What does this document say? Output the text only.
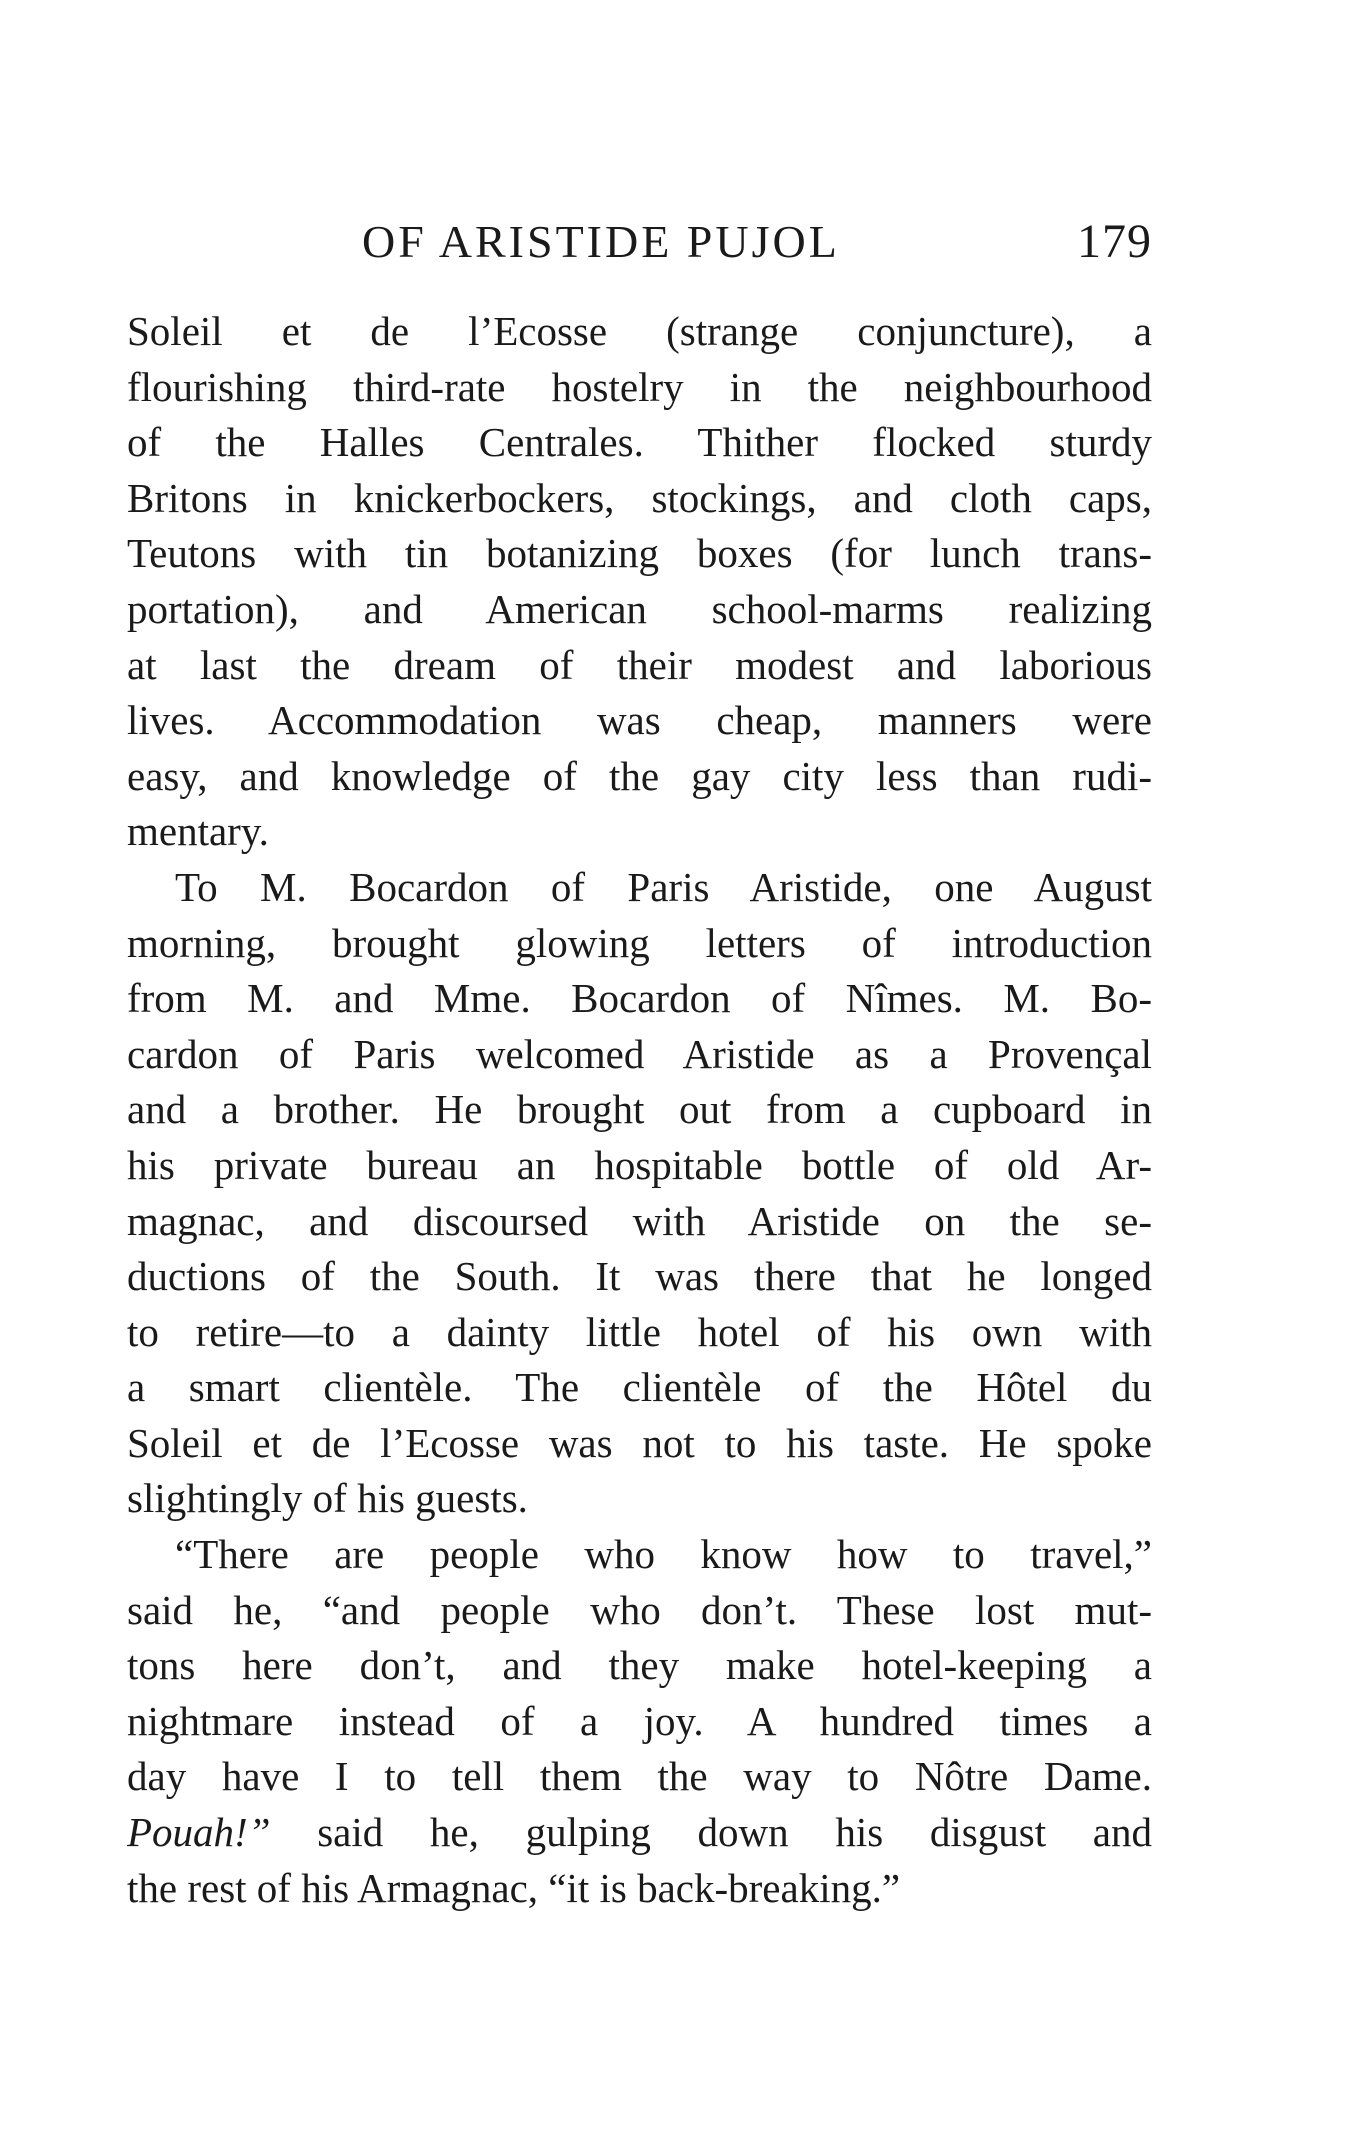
OF ARISTIDE PUJOL	179
Soleil et de l’Ecosse (strange conjuncture), a
flourishing third-rate hostelry in the neighbourhood
of the Halles Centrales. Thither flocked sturdy
Britons in knickerbockers, stockings, and cloth caps,
Teutons with tin botanizing boxes (for lunch trans-
portation), and American school-marms realizing
at last the dream of their modest and laborious
lives. Accommodation was cheap, manners were
easy, and knowledge of the gay city less than rudi-
mentary.
To M. Bocardon of Paris Aristide, one August
morning, brought glowing letters of introduction
from M. and Mme. Bocardon of Nîmes. M. Bo-
cardon of Paris welcomed Aristide as a Provençal
and a brother. He brought out from a cupboard in
his private bureau an hospitable bottle of old Ar-
magnac, and discoursed with Aristide on the se-
ductions of the South. It was there that he longed
to retire—to a dainty little hotel of his own with
a smart clientèle. The clientèle of the Hôtel du
Soleil et de l’Ecosse was not to his taste. He spoke
slightingly of his guests.
“There are people who know how to travel,”
said he, “and people who don’t. These lost mut-
tons here don’t, and they make hotel-keeping a
nightmare instead of a joy. A hundred times a
day have I to tell them the way to Nôtre Dame.
Pouah!” said he, gulping down his disgust and
the rest of his Armagnac, “it is back-breaking.”
